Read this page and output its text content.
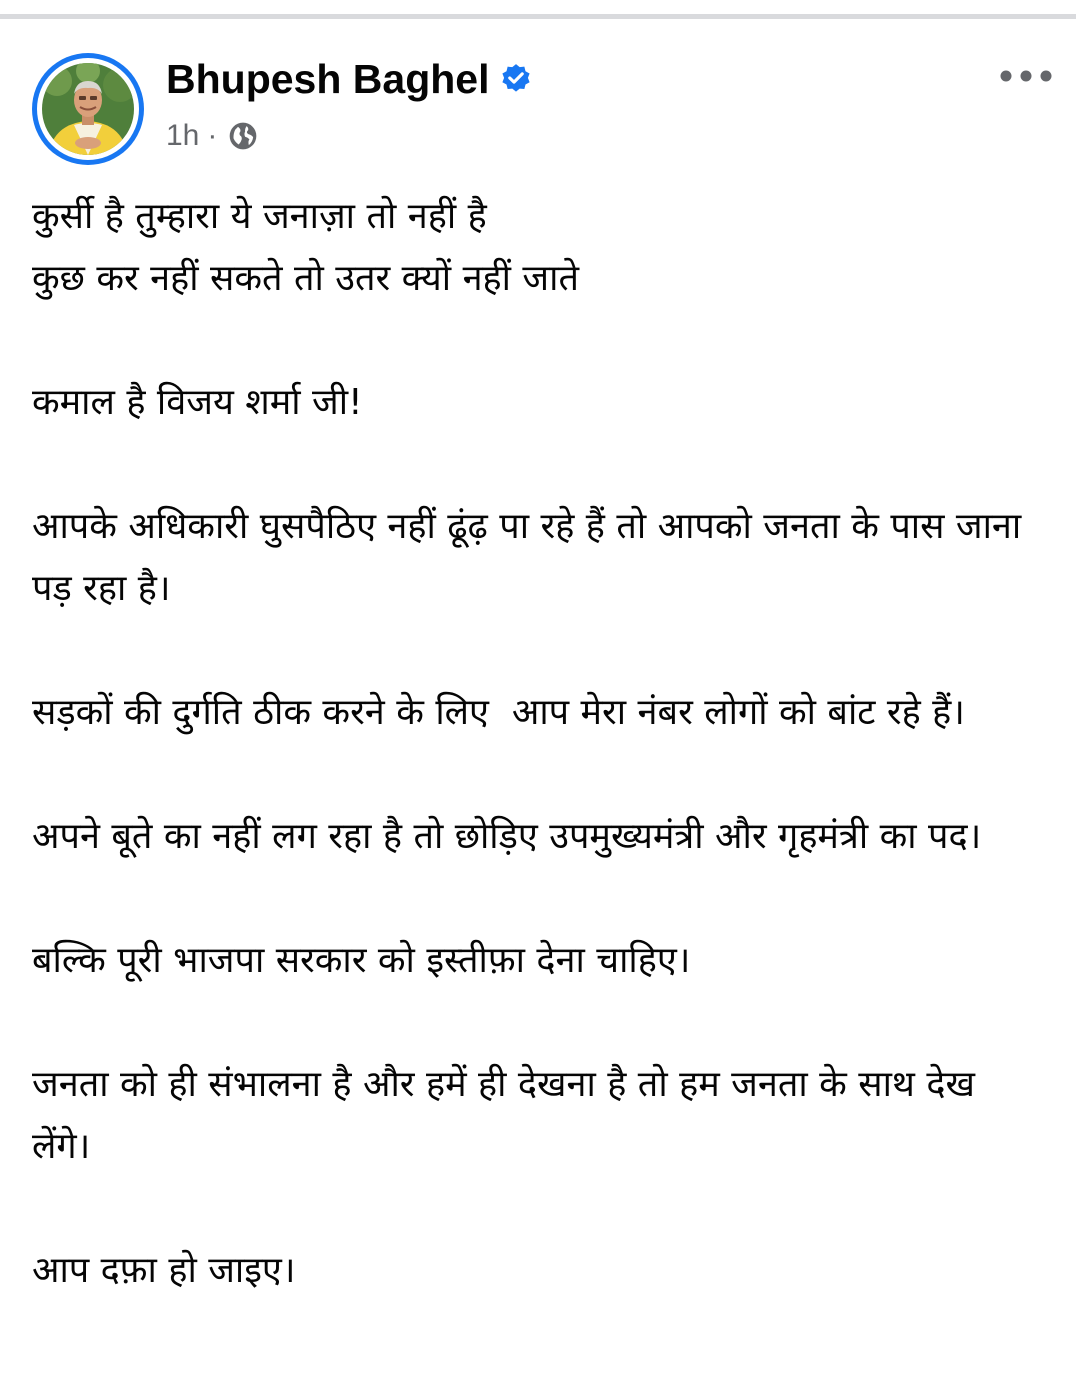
Bhupesh Baghel
1h ·

कुर्सी है तुम्हारा ये जनाज़ा तो नहीं है
कुछ कर नहीं सकते तो उतर क्यों नहीं जाते

कमाल है विजय शर्मा जी!

आपके अधिकारी घुसपैठिए नहीं ढूंढ़ पा रहे हैं तो आपको जनता के पास जाना पड़ रहा है।

सड़कों की दुर्गति ठीक करने के लिए  आप मेरा नंबर लोगों को बांट रहे हैं।

अपने बूते का नहीं लग रहा है तो छोड़िए उपमुख्यमंत्री और गृहमंत्री का पद।

बल्कि पूरी भाजपा सरकार को इस्तीफ़ा देना चाहिए।

जनता को ही संभालना है और हमें ही देखना है तो हम जनता के साथ देख लेंगे।

आप दफ़ा हो जाइए।
